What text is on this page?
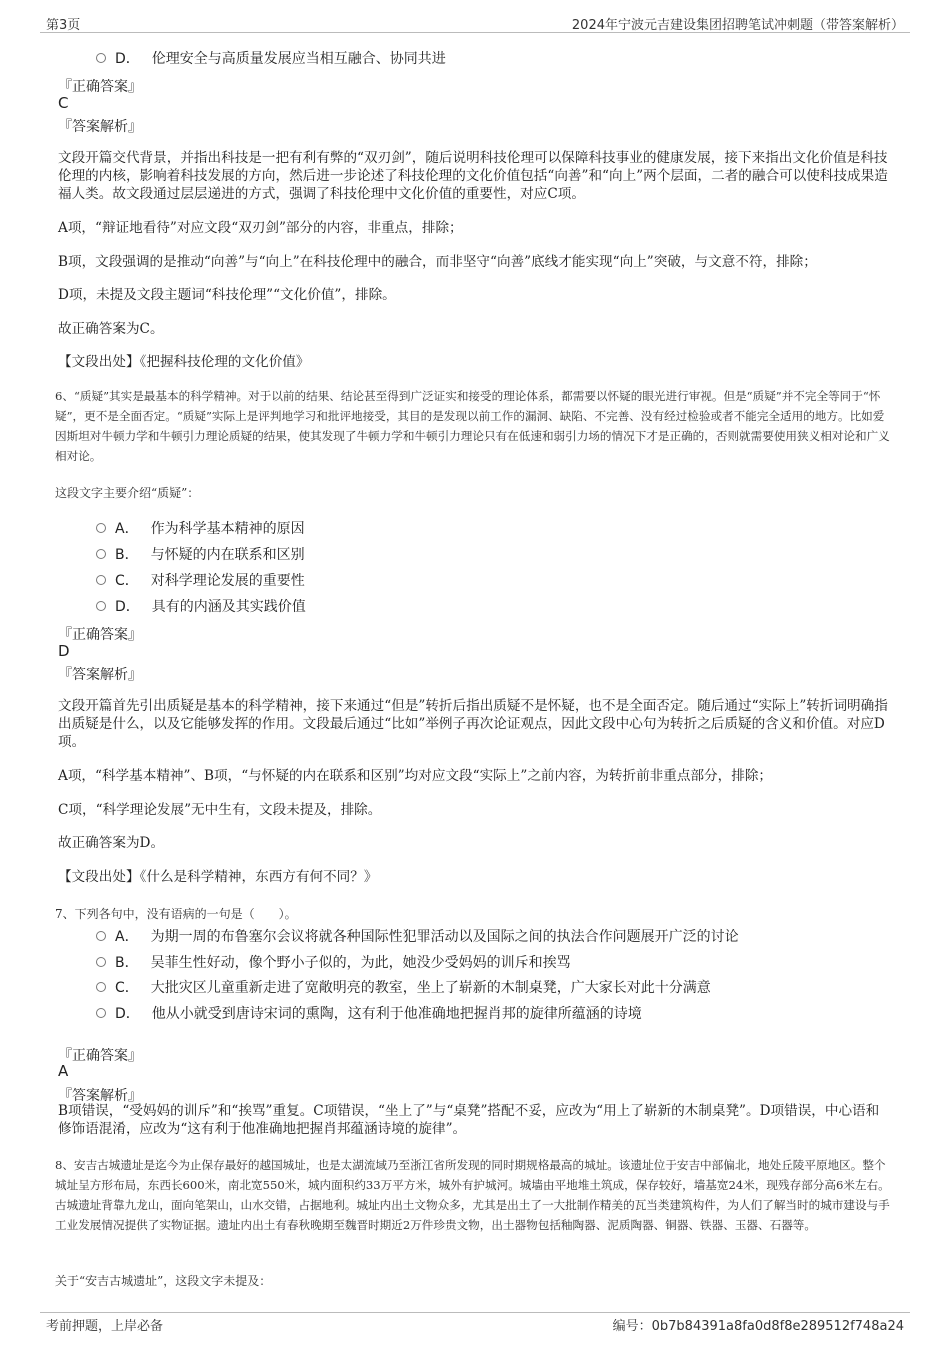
第3页	2024年宁波元吉建设集团招聘笔试冲刺题（带答案解析）
D． 伦理安全与高质量发展应当相互融合、协同共进
『正确答案』
C
『答案解析』
文段开篇交代背景，并指出科技是一把有利有弊的“双刃剑”，随后说明科技伦理可以保障科技事业的健康发展，接下来指出文化价值是科技伦理的内核，影响着科技发展的方向，然后进一步论述了科技伦理的文化价值包括“向善”和“向上”两个层面，二者的融合可以使科技成果造福人类。故文段通过层层递进的方式，强调了科技伦理中文化价值的重要性，对应C项。
A项，“辩证地看待”对应文段“双刃剑”部分的内容，非重点，排除；
B项，文段强调的是推动“向善”与“向上”在科技伦理中的融合，而非坚守“向善”底线才能实现“向上”突破，与文意不符，排除；
D项，未提及文段主题词“科技伦理”“文化价值”，排除。
故正确答案为C。
【文段出处】《把握科技伦理的文化价值》
6、“质疑”其实是最基本的科学精神。对于以前的结果、结论甚至得到广泛证实和接受的理论体系，都需要以怀疑的眼光进行审视。但是“质疑”并不完全等同于“怀疑”，更不是全面否定。“质疑”实际上是评判地学习和批评地接受，其目的是发现以前工作的漏洞、缺陷、不完善、没有经过检验或者不能完全适用的地方。比如爱因斯坦对牛顿力学和牛顿引力理论质疑的结果，使其发现了牛顿力学和牛顿引力理论只有在低速和弱引力场的情况下才是正确的，否则就需要使用狭义相对论和广义相对论。
这段文字主要介绍“质疑”：
A． 作为科学基本精神的原因
B． 与怀疑的内在联系和区别
C． 对科学理论发展的重要性
D． 具有的内涵及其实践价值
『正确答案』
D
『答案解析』
文段开篇首先引出质疑是基本的科学精神，接下来通过“但是”转折后指出质疑不是怀疑，也不是全面否定。随后通过“实际上”转折词明确指出质疑是什么，以及它能够发挥的作用。文段最后通过“比如”举例子再次论证观点，因此文段中心句为转折之后质疑的含义和价值。对应D项。
A项，“科学基本精神”、B项，“与怀疑的内在联系和区别”均对应文段“实际上”之前内容，为转折前非重点部分，排除；
C项，“科学理论发展”无中生有，文段未提及，排除。
故正确答案为D。
【文段出处】《什么是科学精神，东西方有何不同？》
7、下列各句中，没有语病的一句是（　　）。
A． 为期一周的布鲁塞尔会议将就各种国际性犯罪活动以及国际之间的执法合作问题展开广泛的讨论
B． 吴菲生性好动，像个野小子似的，为此，她没少受妈妈的训斥和挨骂
C． 大批灾区儿童重新走进了宽敞明亮的教室，坐上了崭新的木制桌凳，广大家长对此十分满意
D． 他从小就受到唐诗宋词的熏陶，这有利于他准确地把握肖邦的旋律所蕴涵的诗境
『正确答案』
A
『答案解析』
B项错误，“受妈妈的训斥”和“挨骂”重复。C项错误，“坐上了”与“桌凳”搭配不妥，应改为“用上了崭新的木制桌凳”。D项错误，中心语和修饰语混淆，应改为“这有利于他准确地把握肖邦蕴涵诗境的旋律”。
8、安吉古城遗址是迄今为止保存最好的越国城址，也是太湖流域乃至浙江省所发现的同时期规格最高的城址。该遗址位于安吉中部偏北，地处丘陵平原地区。整个城址呈方形布局，东西长600米，南北宽550米，城内面积约33万平方米，城外有护城河。城墙由平地堆土筑成，保存较好，墙基宽24米，现残存部分高6米左右。古城遗址背靠九龙山，面向笔架山，山水交错，占据地利。城址内出土文物众多，尤其是出土了一大批制作精美的瓦当类建筑构件，为人们了解当时的城市建设与手工业发展情况提供了实物证据。遗址内出土有春秋晚期至魏晋时期近2万件珍贵文物，出土器物包括釉陶器、泥质陶器、铜器、铁器、玉器、石器等。
关于“安吉古城遗址”，这段文字未提及：
考前押题，上岸必备	编号：0b7b84391a8fa0d8f8e289512f748a24
